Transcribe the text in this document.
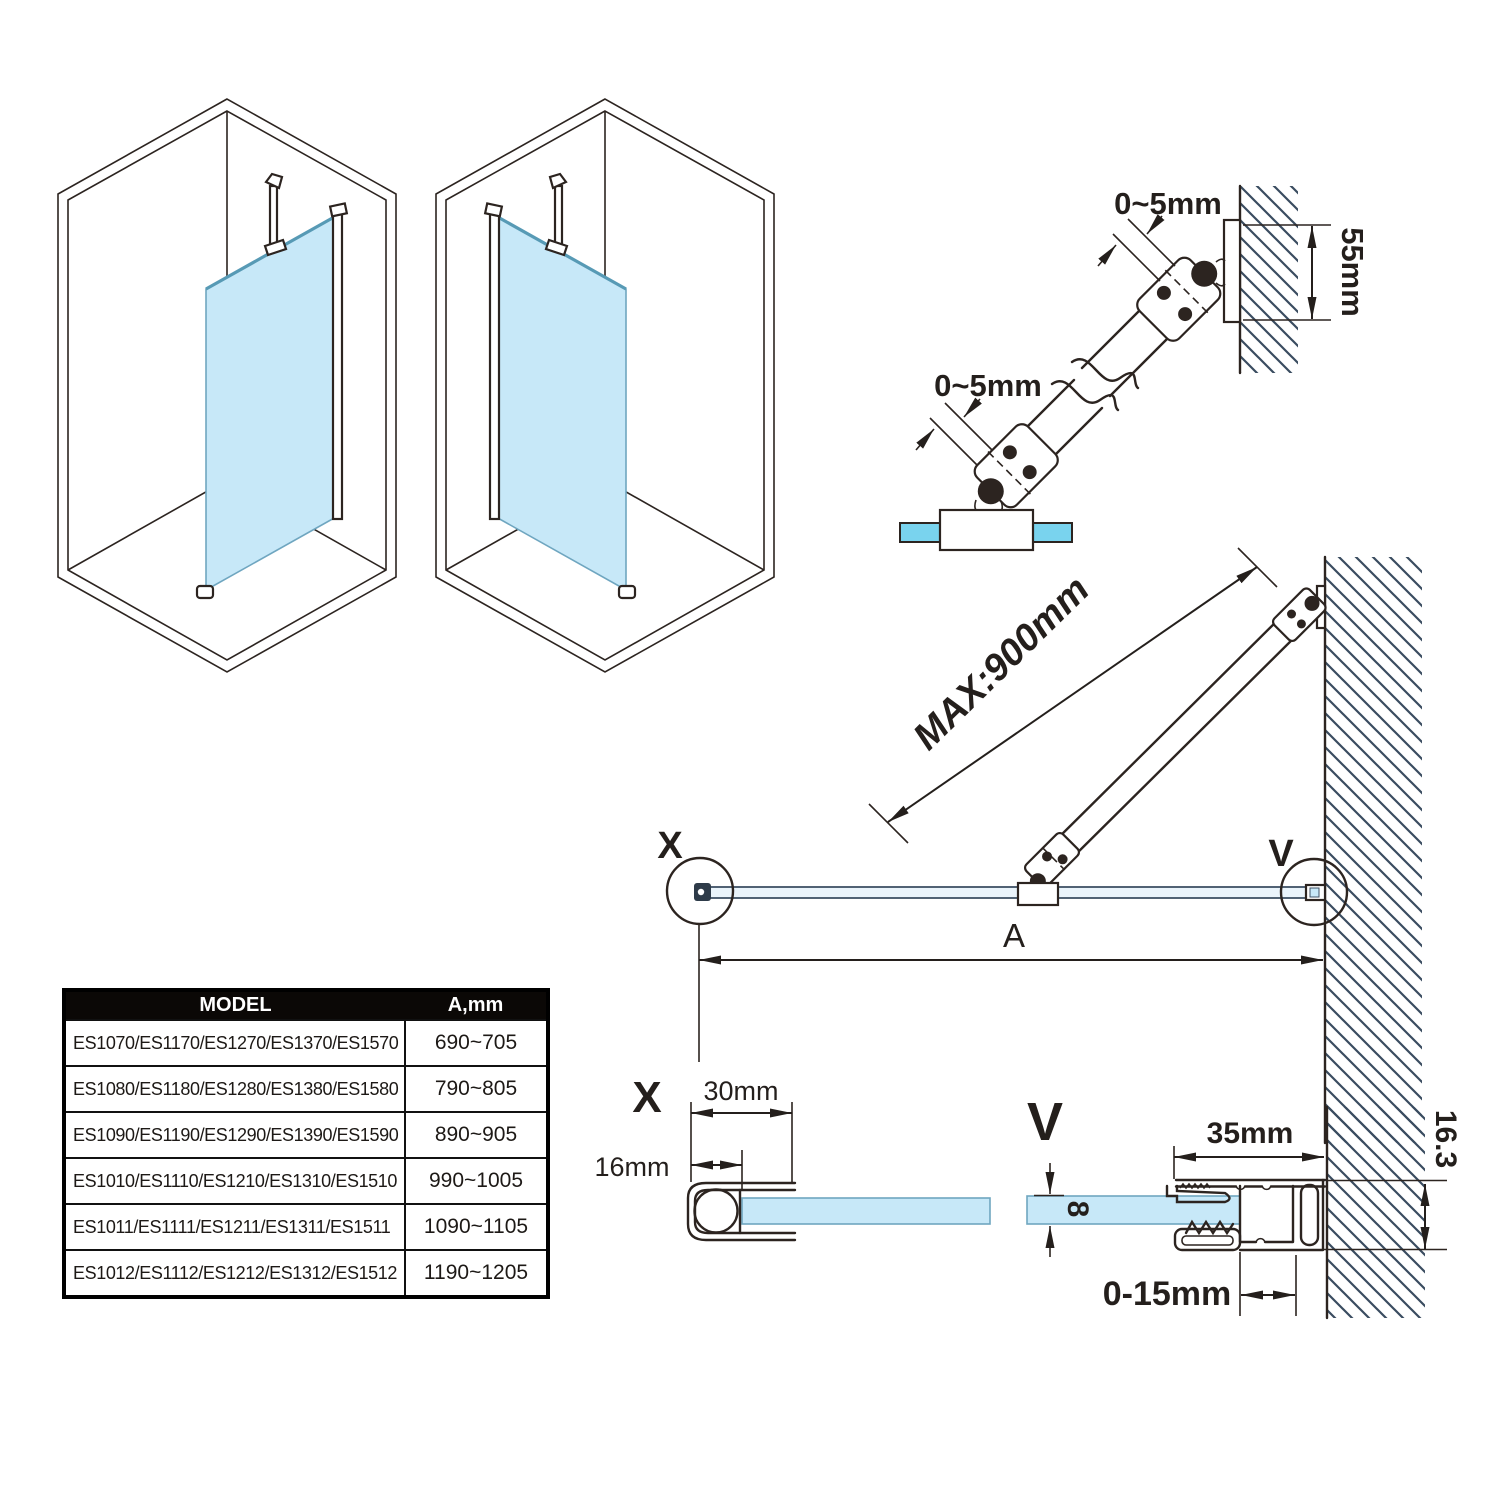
55mm
0~5mm
0~5mm
MAX:900mm
X	V
A
X 30mm
16mm
V	35mm	16.3
8
0-15mm
MODEL	A,mm
ES1070/ES1170/ES1270/ES1370/ES1570	690~705
ES1080/ES1180/ES1280/ES1380/ES1580	790~805
ES1090/ES1190/ES1290/ES1390/ES1590	890~905
ES1010/ES1110/ES1210/ES1310/ES1510	990~1005
ES1011/ES1111/ES1211/ES1311/ES1511	1090~1105
ES1012/ES1112/ES1212/ES1312/ES1512	1190~1205
